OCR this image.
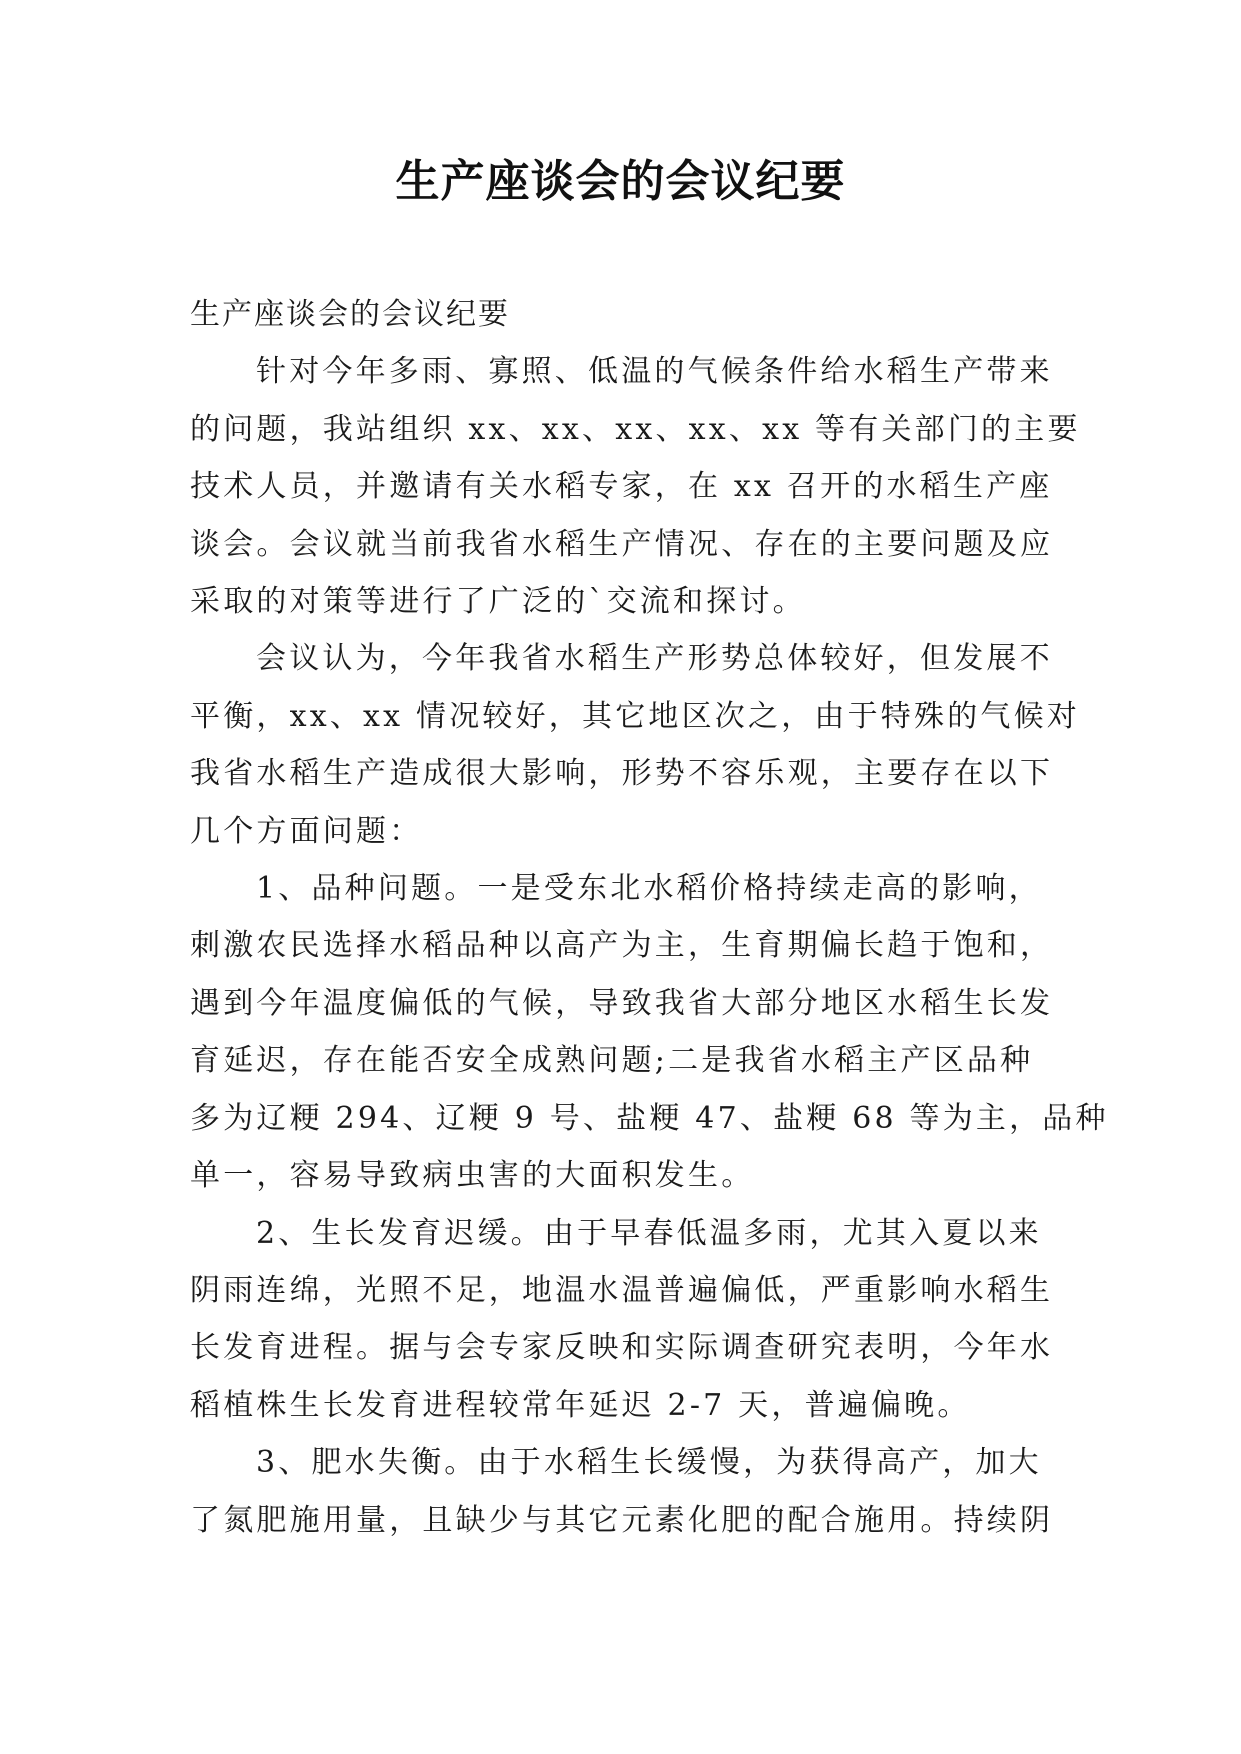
生产座谈会的会议纪要

生产座谈会的会议纪要

针对今年多雨、寡照、低温的气候条件给水稻生产带来
的问题，我站组织 xx、xx、xx、xx、xx 等有关部门的主要
技术人员，并邀请有关水稻专家，在 xx 召开的水稻生产座
谈会。会议就当前我省水稻生产情况、存在的主要问题及应
采取的对策等进行了广泛的`交流和探讨。
会议认为，今年我省水稻生产形势总体较好，但发展不
平衡，xx、xx 情况较好，其它地区次之，由于特殊的气候对
我省水稻生产造成很大影响，形势不容乐观，主要存在以下
几个方面问题：
1、品种问题。一是受东北水稻价格持续走高的影响，
刺激农民选择水稻品种以高产为主，生育期偏长趋于饱和，
遇到今年温度偏低的气候，导致我省大部分地区水稻生长发
育延迟，存在能否安全成熟问题;二是我省水稻主产区品种
多为辽粳 294、辽粳 9 号、盐粳 47、盐粳 68 等为主，品种
单一，容易导致病虫害的大面积发生。
2、生长发育迟缓。由于早春低温多雨，尤其入夏以来
阴雨连绵，光照不足，地温水温普遍偏低，严重影响水稻生
长发育进程。据与会专家反映和实际调查研究表明，今年水
稻植株生长发育进程较常年延迟 2-7 天，普遍偏晚。
3、肥水失衡。由于水稻生长缓慢，为获得高产，加大
了氮肥施用量，且缺少与其它元素化肥的配合施用。持续阴
